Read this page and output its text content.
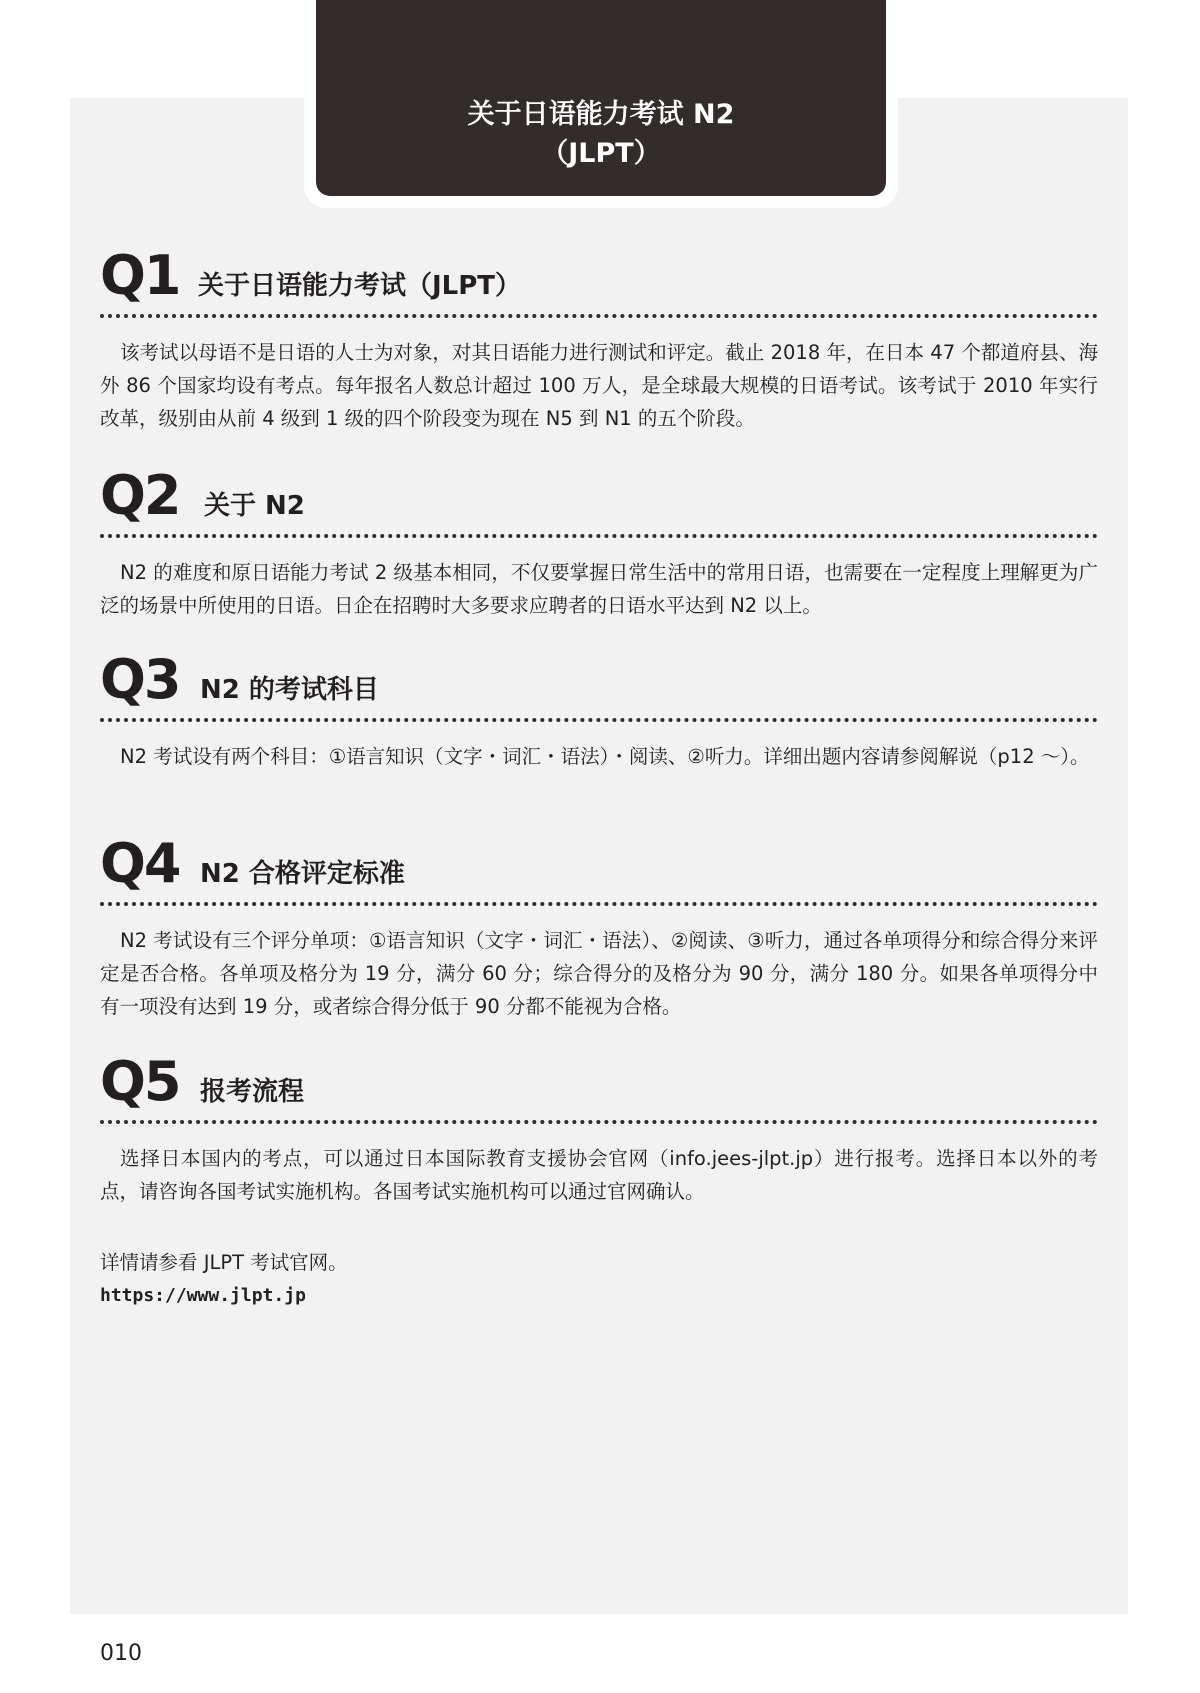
关于日语能力考试 N2
（JLPT）
Q1 关于日语能力考试（JLPT）
该考试以母语不是日语的人士为对象，对其日语能力进行测试和评定。截止 2018 年，在日本 47 个都道府县、海外 86 个国家均设有考点。每年报名人数总计超过 100 万人，是全球最大规模的日语考试。该考试于 2010 年实行改革，级别由从前 4 级到 1 级的四个阶段变为现在 N5 到 N1 的五个阶段。
Q2 关于 N2
N2 的难度和原日语能力考试 2 级基本相同，不仅要掌握日常生活中的常用日语，也需要在一定程度上理解更为广泛的场景中所使用的日语。日企在招聘时大多要求应聘者的日语水平达到 N2 以上。
Q3 N2 的考试科目
N2 考试设有两个科目：①语言知识（文字・词汇・语法）・阅读、②听力。详细出题内容请参阅解说（p12 〜）。
Q4 N2 合格评定标准
N2 考试设有三个评分单项：①语言知识（文字・词汇・语法）、②阅读、③听力，通过各单项得分和综合得分来评定是否合格。各单项及格分为 19 分，满分 60 分；综合得分的及格分为 90 分，满分 180 分。如果各单项得分中有一项没有达到 19 分，或者综合得分低于 90 分都不能视为合格。
Q5 报考流程
选择日本国内的考点，可以通过日本国际教育支援协会官网（info.jees-jlpt.jp）进行报考。选择日本以外的考点，请咨询各国考试实施机构。各国考试实施机构可以通过官网确认。
详情请参看 JLPT 考试官网。
https://www.jlpt.jp
010
